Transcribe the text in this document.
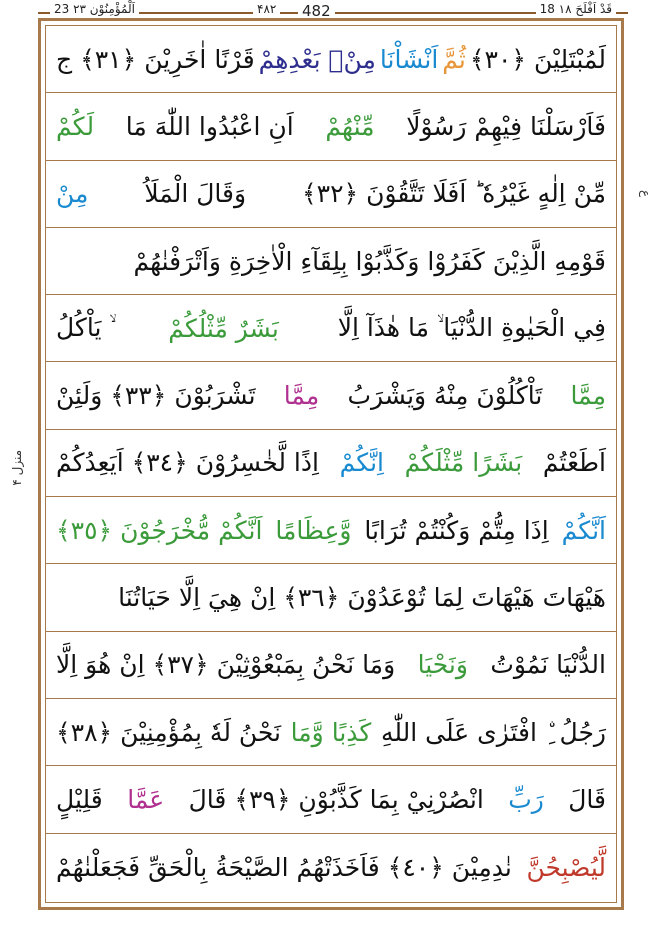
23 اَلْمُؤْمِنُوْن ۲۳	۴۸۲ 482	18 قَدْ اَفْلَحَ ۱۸
ع
منزل ۴
لَمُبْتَلِيْنَ ﴿٣٠﴾
ثُمَّ
اَنْشَاْنَا
مِنْۢ بَعْدِهِمْ
قَرْنًا اٰخَرِيْنَ ﴿٣١﴾ ج
فَاَرْسَلْنَا فِيْهِمْ رَسُوْلًا
مِّنْهُمْ
اَنِ اعْبُدُوا اللّٰهَ مَا
لَكُمْ
مِّنْ اِلٰهٍ غَيْرُهٗ ؕ اَفَلَا تَتَّقُوْنَ ﴿٣٢﴾
وَقَالَ الْمَلَاُ
مِنْ
قَوْمِهِ الَّذِيْنَ كَفَرُوْا وَكَذَّبُوْا بِلِقَآءِ الْاٰخِرَةِ وَاَتْرَفْنٰهُمْ
فِي الْحَيٰوةِ الدُّنْيَا ۙ مَا هٰذَآ اِلَّا
بَشَرٌ مِّثْلُكُمْ
ۙ يَاْكُلُ
مِمَّا
تَاْكُلُوْنَ مِنْهُ وَيَشْرَبُ
مِمَّا
تَشْرَبُوْنَ ﴿٣٣﴾ وَلَئِنْ
اَطَعْتُمْ
بَشَرًا مِّثْلَكُمْ
اِنَّكُمْ
اِذًا لَّخٰسِرُوْنَ ﴿٣٤﴾ اَيَعِدُكُمْ
اَنَّكُمْ
اِذَا مِتُّمْ وَكُنْتُمْ تُرَابًا
وَّعِظَامًا
اَنَّكُمْ مُّخْرَجُوْنَ ﴿٣٥﴾
هَيْهَاتَ هَيْهَاتَ لِمَا تُوْعَدُوْنَ ﴿٣٦﴾ اِنْ هِيَ اِلَّا حَيَاتُنَا
الدُّنْيَا نَمُوْتُ
وَنَحْيَا
وَمَا نَحْنُ بِمَبْعُوْثِيْنَ ﴿٣٧﴾ اِنْ هُوَ اِلَّا
رَجُلُ ِۨ افْتَرٰى عَلَى اللّٰهِ
كَذِبًا وَّمَا
نَحْنُ لَهٗ بِمُؤْمِنِيْنَ ﴿٣٨﴾
قَالَ
رَبِّ
انْصُرْنِيْ بِمَا كَذَّبُوْنِ ﴿٣٩﴾ قَالَ
عَمَّا
قَلِيْلٍ
لَّيُصْبِحُنَّ
نٰدِمِيْنَ ﴿٤٠﴾ فَاَخَذَتْهُمُ الصَّيْحَةُ بِالْحَقِّ فَجَعَلْنٰهُمْ
